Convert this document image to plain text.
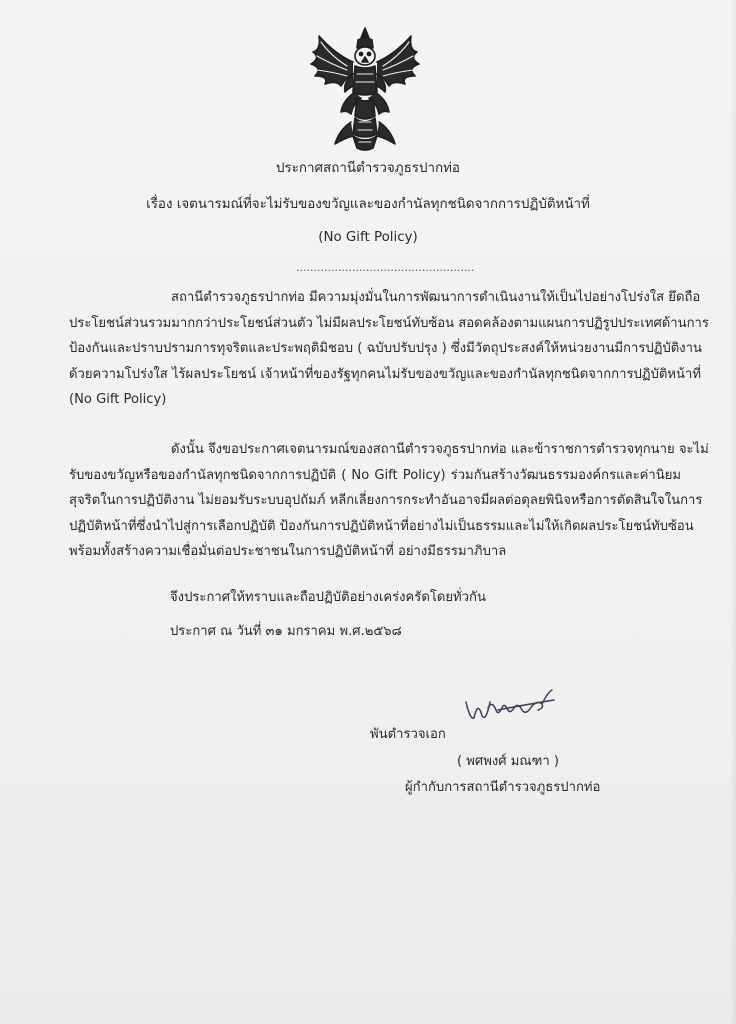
ประกาศสถานีตำรวจภูธรปากท่อ
เรื่อง เจตนารมณ์ที่จะไม่รับของขวัญและของกำนัลทุกชนิดจากการปฏิบัติหน้าที่
(No Gift Policy)
...................................................
สถานีตำรวจภูธรปากท่อ มีความมุ่งมั่นในการพัฒนาการดำเนินงานให้เป็นไปอย่างโปร่งใส ยึดถือ
ประโยชน์ส่วนรวมมากกว่าประโยชน์ส่วนตัว ไม่มีผลประโยชน์ทับซ้อน สอดคล้องตามแผนการปฏิรูปประเทศด้านการ
ป้องกันและปราบปรามการทุจริตและประพฤติมิชอบ ( ฉบับปรับปรุง ) ซึ่งมีวัตถุประสงค์ให้หน่วยงานมีการปฏิบัติงาน
ด้วยความโปร่งใส ไร้ผลประโยชน์ เจ้าหน้าที่ของรัฐทุกคนไม่รับของขวัญและของกำนัลทุกชนิดจากการปฏิบัติหน้าที่
(No Gift Policy)
ดังนั้น จึงขอประกาศเจตนารมณ์ของสถานีตำรวจภูธรปากท่อ และข้าราชการตำรวจทุกนาย จะไม่
รับของขวัญหรือของกำนัลทุกชนิดจากการปฏิบัติ ( No Gift Policy) ร่วมกันสร้างวัฒนธรรมองค์กรและค่านิยม
สุจริตในการปฏิบัติงาน ไม่ยอมรับระบบอุปถัมภ์ หลีกเลี่ยงการกระทำอันอาจมีผลต่อดุลยพินิจหรือการตัดสินใจในการ
ปฏิบัติหน้าที่ซึ่งนำไปสู่การเลือกปฏิบัติ ป้องกันการปฏิบัติหน้าที่อย่างไม่เป็นธรรมและไม่ให้เกิดผลประโยชน์ทับซ้อน
พร้อมทั้งสร้างความเชื่อมั่นต่อประชาชนในการปฏิบัติหน้าที่ อย่างมีธรรมาภิบาล
จึงประกาศให้ทราบและถือปฏิบัติอย่างเคร่งครัดโดยทั่วกัน
ประกาศ ณ วันที่ ๓๑ มกราคม พ.ศ.๒๕๖๘
พันตำรวจเอก
( พศพงศ์ มณฑา )
ผู้กำกับการสถานีตำรวจภูธรปากท่อ
